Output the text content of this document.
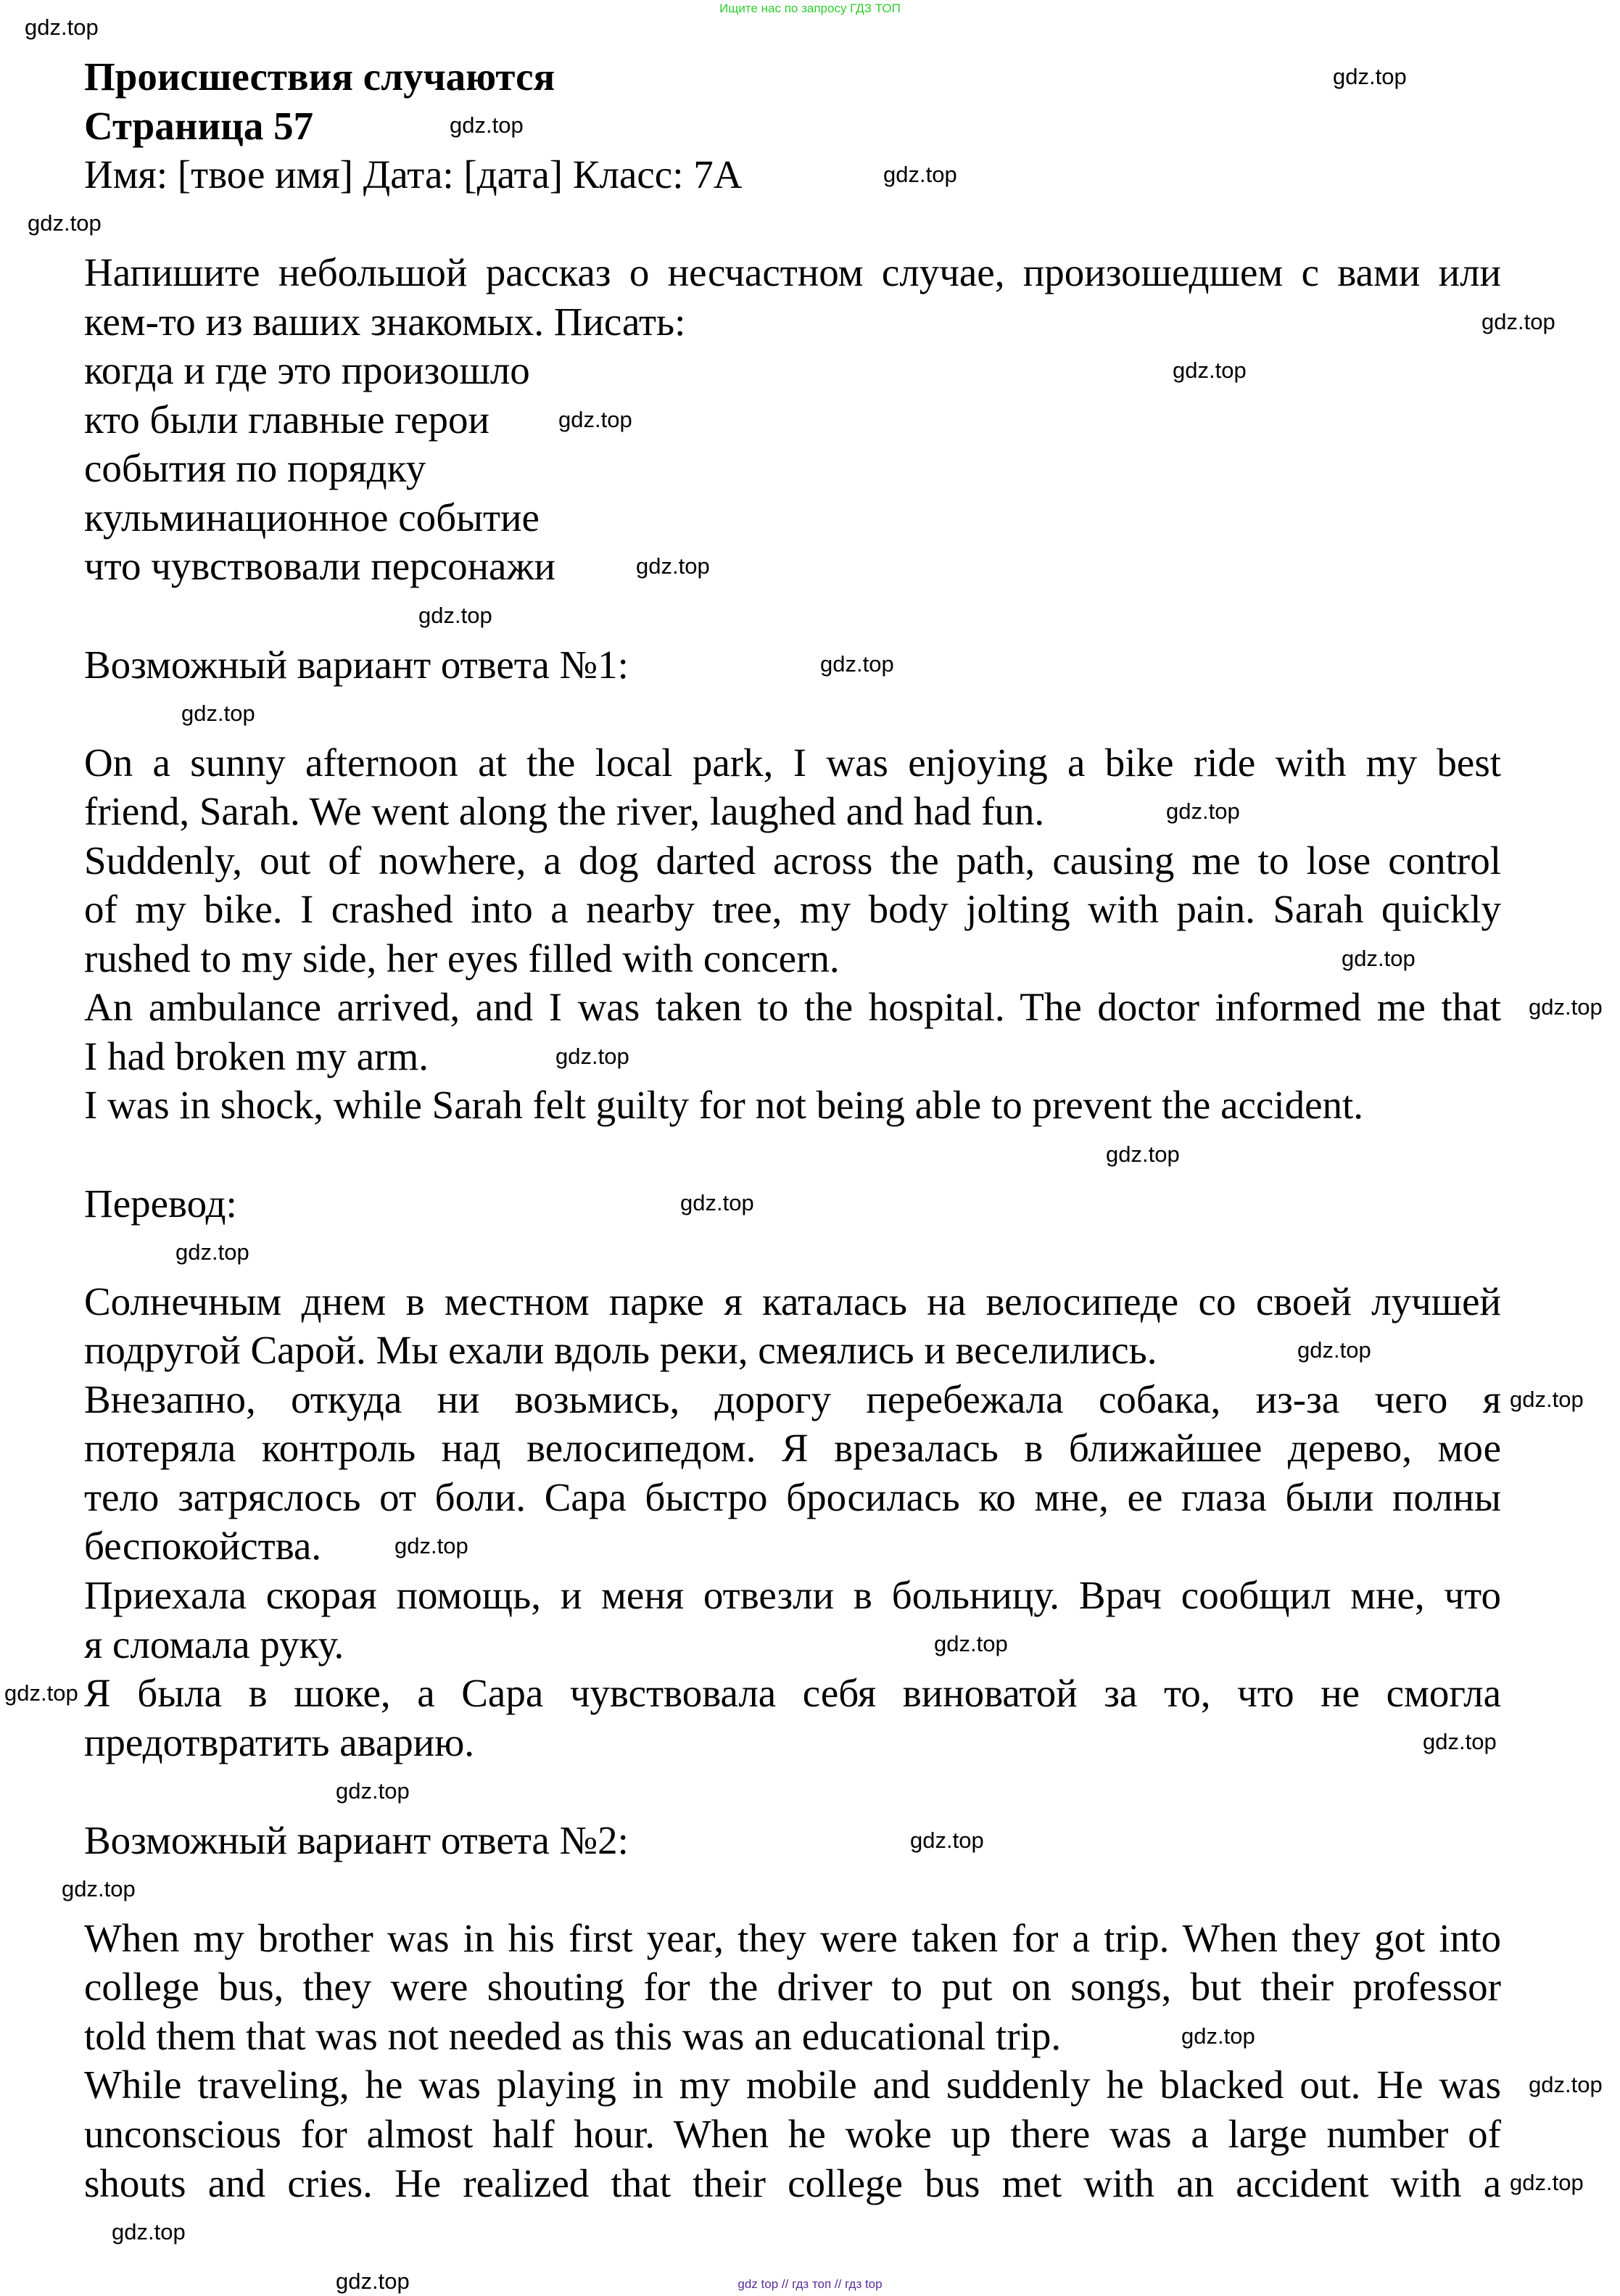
Ищите нас по запросу ГДЗ ТОП
Происшествия случаются
Страница 57
Имя: [твое имя] Дата: [дата] Класс: 7А
Напишите небольшой рассказ о несчастном случае, произошедшем с вами или
кем-то из ваших знакомых. Писать:
когда и где это произошло
кто были главные герои
события по порядку
кульминационное событие
что чувствовали персонажи
Возможный вариант ответа №1:
On a sunny afternoon at the local park, I was enjoying a bike ride with my best
friend, Sarah. We went along the river, laughed and had fun.
Suddenly, out of nowhere, a dog darted across the path, causing me to lose control
of my bike. I crashed into a nearby tree, my body jolting with pain. Sarah quickly
rushed to my side, her eyes filled with concern.
An ambulance arrived, and I was taken to the hospital. The doctor informed me that
I had broken my arm.
I was in shock, while Sarah felt guilty for not being able to prevent the accident.
Перевод:
Солнечным днем в местном парке я каталась на велосипеде со своей лучшей
подругой Сарой. Мы ехали вдоль реки, смеялись и веселились.
Внезапно, откуда ни возьмись, дорогу перебежала собака, из-за чего я
потеряла контроль над велосипедом. Я врезалась в ближайшее дерево, мое
тело затряслось от боли. Сара быстро бросилась ко мне, ее глаза были полны
беспокойства.
Приехала скорая помощь, и меня отвезли в больницу. Врач сообщил мне, что
я сломала руку.
Я была в шоке, а Сара чувствовала себя виноватой за то, что не смогла
предотвратить аварию.
Возможный вариант ответа №2:
When my brother was in his first year, they were taken for a trip. When they got into
college bus, they were shouting for the driver to put on songs, but their professor
told them that was not needed as this was an educational trip.
While traveling, he was playing in my mobile and suddenly he blacked out. He was
unconscious for almost half hour. When he woke up there was a large number of
shouts and cries. He realized that their college bus met with an accident with a
gdz.top
gdz.top
gdz.top
gdz.top
gdz.top
gdz.top
gdz.top
gdz.top
gdz.top
gdz.top
gdz.top
gdz.top
gdz.top
gdz.top
gdz.top
gdz.top
gdz.top
gdz.top
gdz.top
gdz.top
gdz.top
gdz.top
gdz.top
gdz.top
gdz.top
gdz.top
gdz.top
gdz.top
gdz.top
gdz.top
gdz.top
gdz.top
gdz.top	gdz top // гдз топ // гдз top
